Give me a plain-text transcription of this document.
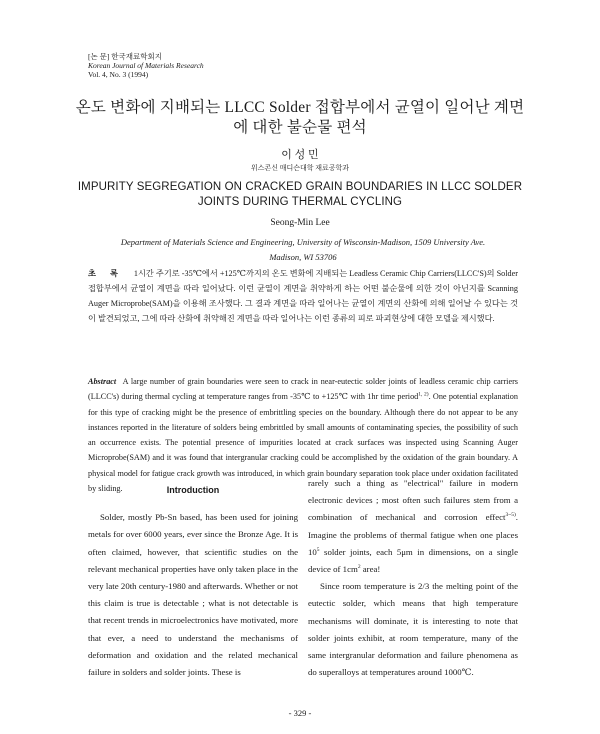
[논 문] 한국재료학회지
Korean Journal of Materials Research
Vol. 4, No. 3 (1994)
온도 변화에 지배되는 LLCC Solder 접합부에서 균열이 일어난 계면에 대한 불순물 편석
이 성 민
위스콘신 매디슨대학 재료공학과
IMPURITY SEGREGATION ON CRACKED GRAIN BOUNDARIES IN LLCC SOLDER JOINTS DURING THERMAL CYCLING
Seong-Min Lee
Department of Materials Science and Engineering, University of Wisconsin-Madison, 1509 University Ave.
Madison, WI 53706
초 록 1시간 주기로 -35℃에서 +125℃까지의 온도 변화에 지배되는 Leadless Ceramic Chip Carriers(LLCC'S)의 Solder접합부에서 균열이 계면을 따라 일어났다. 이런 균열이 계면을 취약하게 하는 어떤 불순물에 의한 것이 아닌지를 Scanning Auger Microprobe(SAM)을 이용해 조사했다. 그 결과 계면을 따라 일어나는 균열이 계면의 산화에 의해 일어날 수 있다는 것이 발견되었고, 그에 따라 산화에 취약해진 계면을 따라 일어나는 이런 종류의 피로 파괴현상에 대한 모델을 제시했다.
Abstract A large number of grain boundaries were seen to crack in near-eutectic solder joints of leadless ceramic chip carriers (LLCC's) during thermal cycling at temperature ranges from -35℃ to +125℃ with 1hr time period$^{1, 2)}$. One potential explanation for this type of cracking might be the presence of embrittling species on the boundary. Although there do not appear to be any instances reported in the literature of solders being embrittled by small amounts of contaminating species, the possibility of such an occurrence exists. The potential presence of impurities located at crack surfaces was inspected using Scanning Auger Microprobe(SAM) and it was found that intergranular cracking could be accomplished by the oxidation of the grain boundary. A physical model for fatigue crack growth was introduced, in which grain boundary separation took place under oxidation facilitated by sliding.	Introduction

Solder, mostly Pb-Sn based, has been used for joining metals for over 6000 years, ever since the Bronze Age. It is often claimed, however, that scientific studies on the relevant mechanical properties have only taken place in the very late 20th century-1980 and afterwards. Whether or not this claim is true is detectable ; what is not detectable is that recent trends in microelectronics have motivated, more that ever, a need to understand the mechanisms of deformation and oxidation and the related mechanical failure in solders and solder joints. These is

rarely such a thing as "electrical" failure in modern electronic devices ; most often such failures stem from a combination of mechanical and corrosion effect$^{3\sim 5)}$. Imagine the problems of thermal fatigue when one places $10^5$ solder joints, each 5μm in dimensions, on a single device of $1cm^2$ area!

Since room temperature is 2/3 the melting point of the eutectic solder, which means that high temperature mechanisms will dominate, it is interesting to note that solder joints exhibit, at room temperature, many of the same intergranular deformation and failure phenomena as do superalloys at temperatures around 1000℃.

- 329 -
